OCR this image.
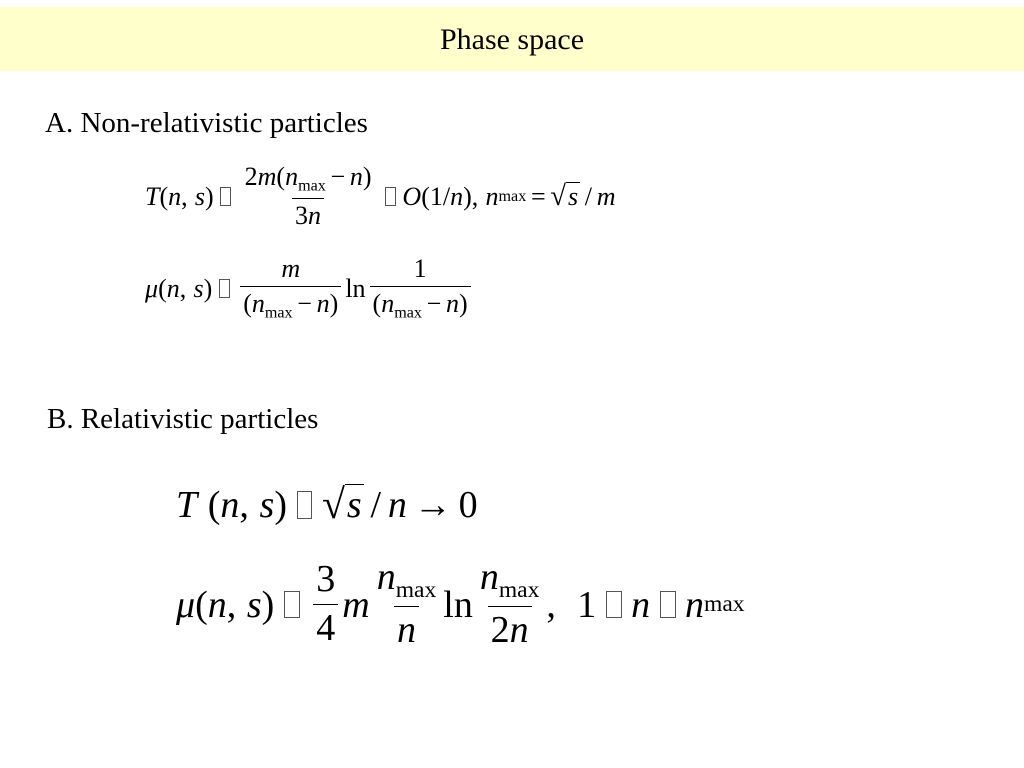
Phase space
A. Non-relativistic particles
T ( n , s ) $\frac{2m(n_{max} - n)}{3n}$ O ( 1 / n ) , n max = √ s / m
μ ( n , s ) $\frac{m}{(n_{max} - n)}$ $\ln \frac{1}{(n_{max} - n)}$
B. Relativistic particles
T ( n , s ) √ s / n → 0
μ ( n , s ) $\frac{3}{4}$ m $\frac{n_{max}}{n}$ $\ln \frac{n_{max}}{2n}$ , 1 n n max
